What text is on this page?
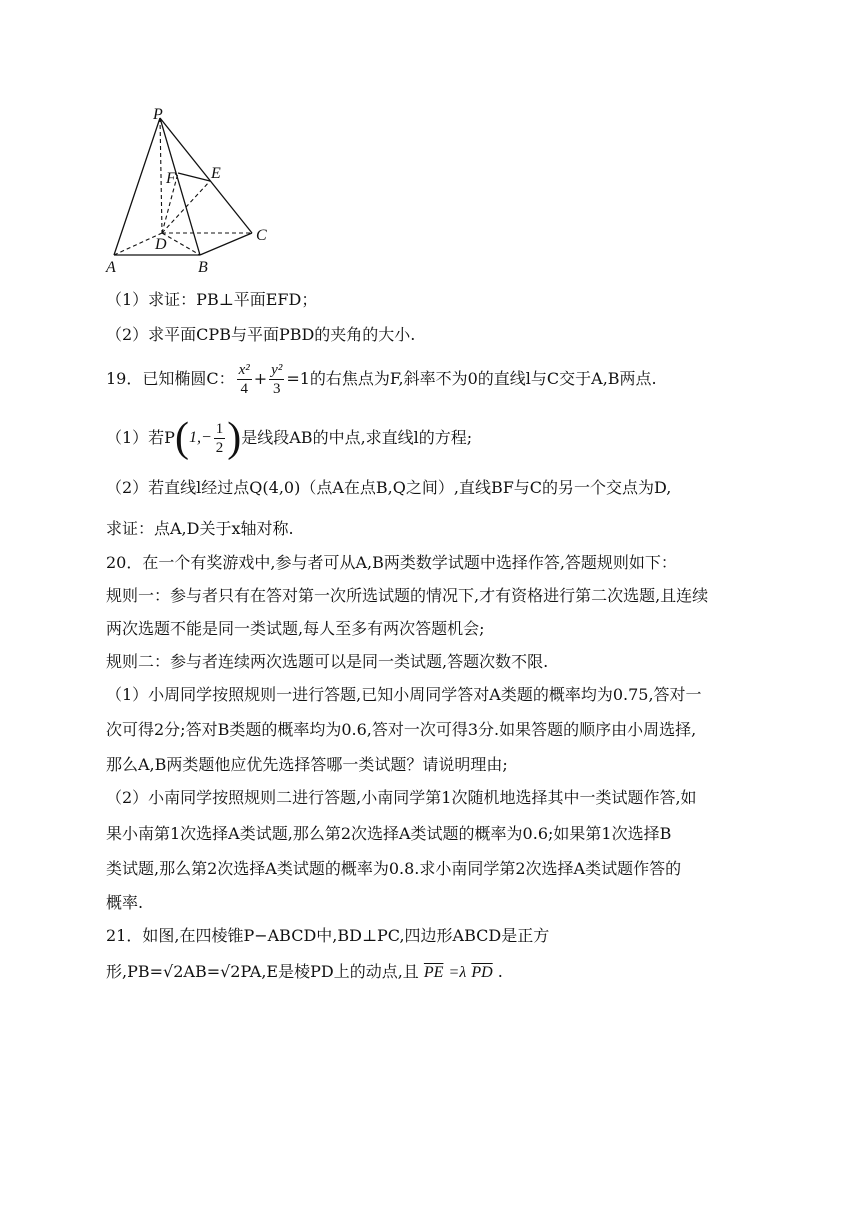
P
E
F
D
C
A	B
（1）求证：PB⊥平面EFD；
（2）求平面CPB与平面PBD的夹角的大小.
19．已知椭圆C： $\frac{\text{x²}}{4} + \frac{\text{y²}}{3} =1$ 的右焦点为F,斜率不为0的直线l与C交于A,B两点.
（1）若P ( $1,- \frac{1}{2}$ ) 是线段AB的中点,求直线l的方程;
（2）若直线l经过点Q(4,0)（点A在点B,Q之间）,直线BF与C的另一个交点为D,
求证：点A,D关于x轴对称.
20．在一个有奖游戏中,参与者可从A,B两类数学试题中选择作答,答题规则如下：
规则一：参与者只有在答对第一次所选试题的情况下,才有资格进行第二次选题,且连续
两次选题不能是同一类试题,每人至多有两次答题机会;
规则二：参与者连续两次选题可以是同一类试题,答题次数不限.
（1）小周同学按照规则一进行答题,已知小周同学答对A类题的概率均为0.75,答对一
次可得2分;答对B类题的概率均为0.6,答对一次可得3分.如果答题的顺序由小周选择,
那么A,B两类题他应优先选择答哪一类试题？请说明理由;
（2）小南同学按照规则二进行答题,小南同学第1次随机地选择其中一类试题作答,如
果小南第1次选择A类试题,那么第2次选择A类试题的概率为0.6;如果第1次选择B
类试题,那么第2次选择A类试题的概率为0.8.求小南同学第2次选择A类试题作答的
概率.
21．如图,在四棱锥P−ABCD中,BD⊥PC,四边形ABCD是正方
形,PB=√2AB=√2PA,E是棱PD上的动点,且 $\overline{PE} =\lambda$ $\overline{PD}$ .
